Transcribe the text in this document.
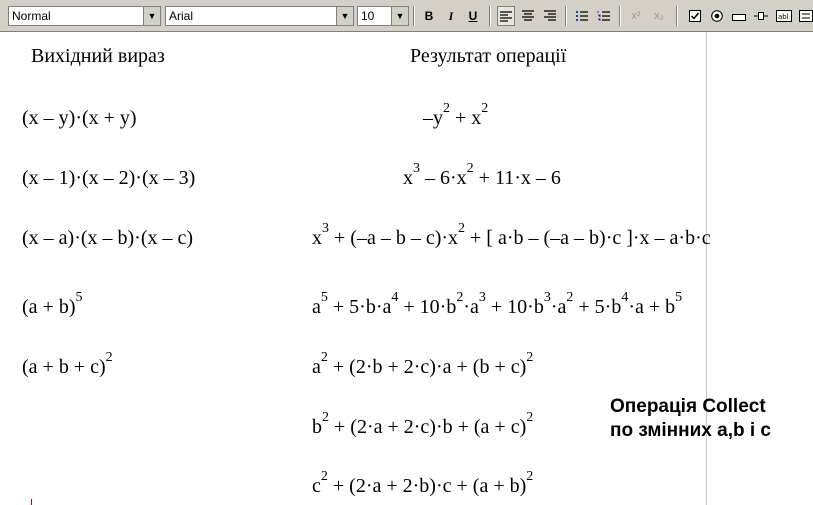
Normal	▼ Arial	▼ 10	▼	B	I	U	x²	x₂	abl
Вихідний вираз	Результат операції
(x – y)·(x + y)	$-y^2 + x^2$
(x – 1)·(x – 2)·(x – 3)	$x^3 - 6\cdot x^2 + 11\cdot x - 6$
(x – a)·(x – b)·(x – c)	$x^3 + (-a - b - c)\cdot x^2$ + [ a·b – (–a – b)·c ]·x – a·b·c
$(a + b)^5$	$a^5 + 5\cdot b\cdot a^4 + 10\cdot b^2\cdot a^3 + 10\cdot b^3\cdot a^2 + 5\cdot b^4\cdot a + b^5$
$(a + b + c)^2$	$a^2 + (2\cdot b + 2\cdot c)\cdot a + (b + c)^2$
$b^2 + (2\cdot a + 2\cdot c)\cdot b + (a + c)^2$
$c^2 + (2\cdot a + 2\cdot b)\cdot c + (a + b)^2$
Операція Collect
по змінних a,b і c
